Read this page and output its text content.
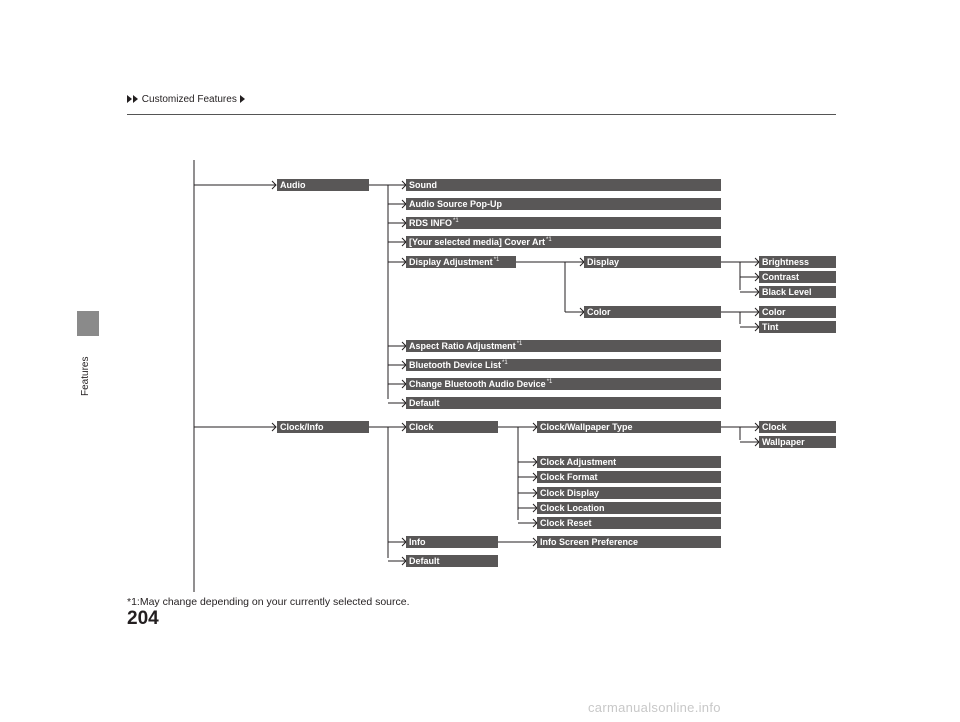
Customized Features
Features
Audio	Sound
Audio Source Pop-Up
RDS INFO$^{*1}$
[Your selected media] Cover Art$^{*1}$
Display Adjustment$^{*1}$	Display	Brightness
Contrast
Black Level
Color	Color
Tint
Aspect Ratio Adjustment$^{*1}$
Bluetooth Device List$^{*1}$
Change Bluetooth Audio Device$^{*1}$
Default
Clock/Info	Clock	Clock/Wallpaper Type	Clock
Wallpaper
Clock Adjustment
Clock Format
Clock Display
Clock Location
Clock Reset
Info	Info Screen Preference
Default
*1:May change depending on your currently selected source.
204
carmanualsonline.info
